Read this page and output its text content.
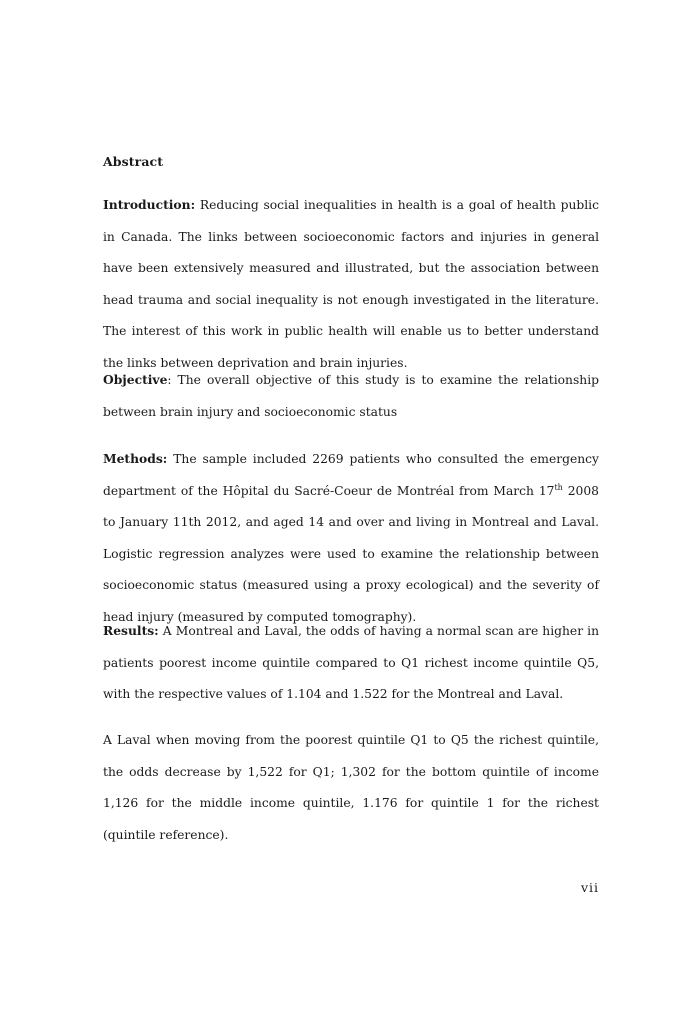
Abstract

Introduction: Reducing social inequalities in health is a goal of health public in Canada. The links between socioeconomic factors and injuries in general have been extensively measured and illustrated, but the association between head trauma and social inequality is not enough investigated in the literature. The interest of this work in public health will enable us to better understand the links between deprivation and brain injuries.

Objective: The overall objective of this study is to examine the relationship between brain injury and socioeconomic status

Methods: The sample included 2269 patients who consulted the emergency department of the Hôpital du Sacré-Coeur de Montréal from March 17th 2008 to January 11th 2012, and aged 14 and over and living in Montreal and Laval. Logistic regression analyzes were used to examine the relationship between socioeconomic status (measured using a proxy ecological) and the severity of head injury (measured by computed tomography).

Results: A Montreal and Laval, the odds of having a normal scan are higher in patients poorest income quintile compared to Q1 richest income quintile Q5, with the respective values of 1.104 and 1.522 for the Montreal and Laval.

A Laval when moving from the poorest quintile Q1 to Q5 the richest quintile, the odds decrease by 1,522 for Q1; 1,302 for the bottom quintile of income 1,126 for the middle income quintile, 1.176 for quintile 1 for the richest (quintile reference).

vii
